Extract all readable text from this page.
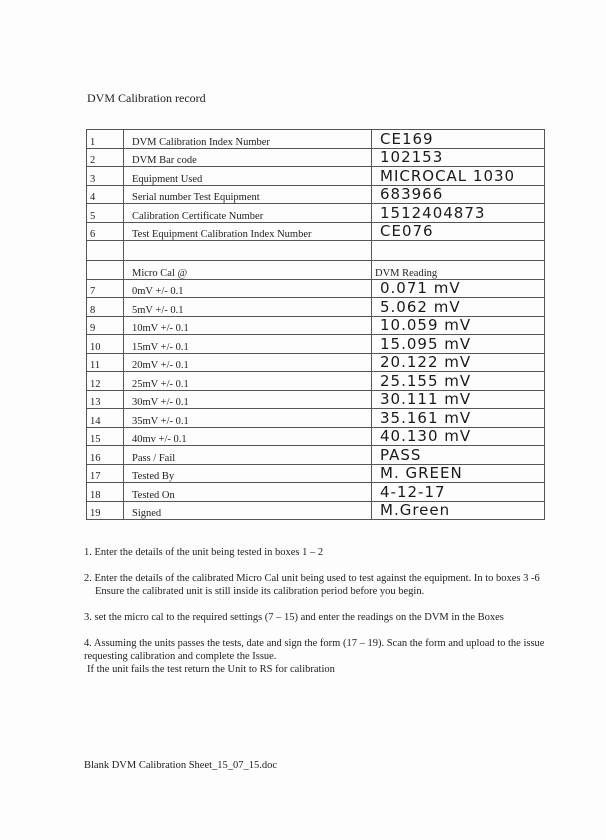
DVM Calibration record
1	DVM Calibration Index Number	CE169
2	DVM Bar code	102153
3	Equipment Used	MICROCAL 1030
4	Serial number Test Equipment	683966
5	Calibration Certificate Number	1512404873
6	Test Equipment Calibration Index Number	CE076

	Micro Cal @	DVM Reading
7	0mV +/- 0.1	0.071 mV
8	5mV +/- 0.1	5.062 mV
9	10mV +/- 0.1	10.059 mV
10	15mV +/- 0.1	15.095 mV
11	20mV +/- 0.1	20.122 mV
12	25mV +/- 0.1	25.155 mV
13	30mV +/- 0.1	30.111 mV
14	35mV +/- 0.1	35.161 mV
15	40mv +/- 0.1	40.130 mV
16	Pass / Fail	PASS
17	Tested By	M. GREEN
18	Tested On	4-12-17
19	Signed	M.Green

1. Enter the details of the unit being tested in boxes 1 – 2

2. Enter the details of the calibrated Micro Cal unit being used to test against the equipment. In to boxes 3 -6

Ensure the calibrated unit is still inside its calibration period before you begin.

3. set the micro cal to the required settings (7 – 15) and enter the readings on the DVM in the Boxes

4. Assuming the units passes the tests, date and sign the form (17 – 19). Scan the form and upload to the issue requesting calibration and complete the Issue.

If the unit fails the test return the Unit to RS for calibration

Blank DVM Calibration Sheet_15_07_15.doc
